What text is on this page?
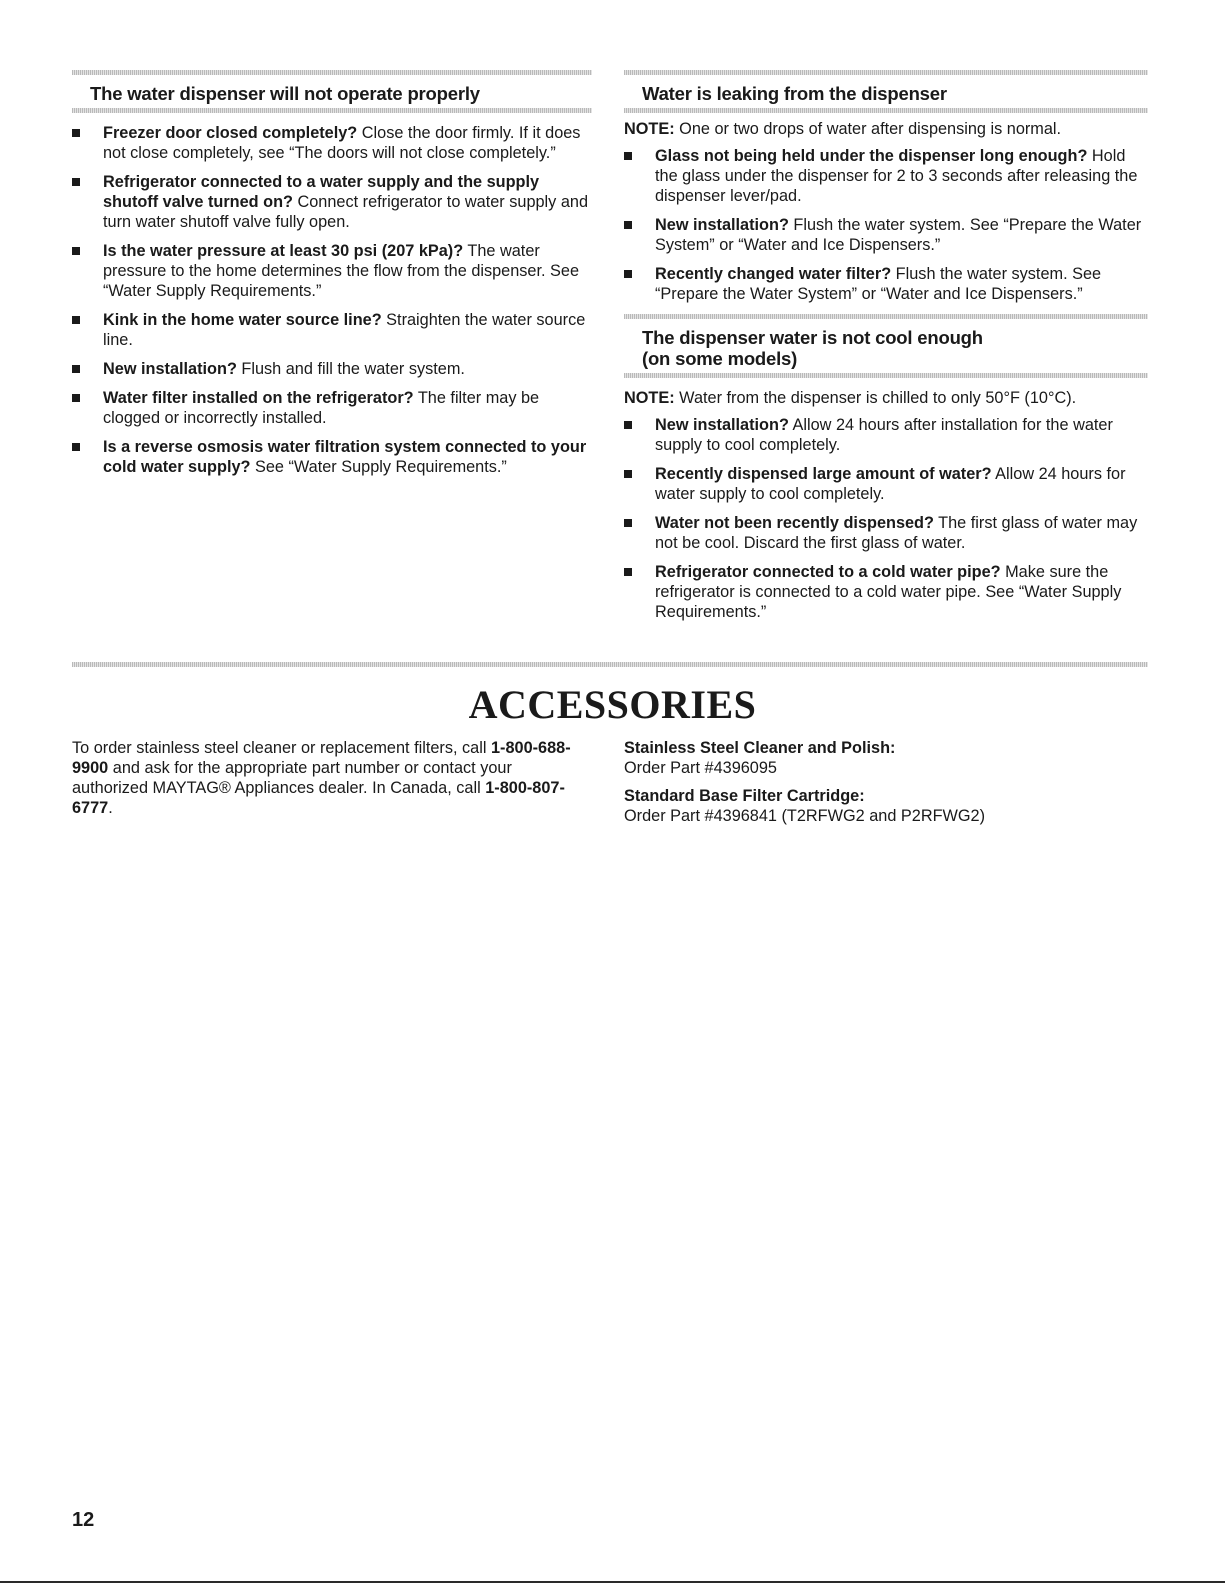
The water dispenser will not operate properly
Freezer door closed completely? Close the door firmly. If it does not close completely, see “The doors will not close completely.”
Refrigerator connected to a water supply and the supply shutoff valve turned on? Connect refrigerator to water supply and turn water shutoff valve fully open.
Is the water pressure at least 30 psi (207 kPa)? The water pressure to the home determines the flow from the dispenser. See “Water Supply Requirements.”
Kink in the home water source line? Straighten the water source line.
New installation? Flush and fill the water system.
Water filter installed on the refrigerator? The filter may be clogged or incorrectly installed.
Is a reverse osmosis water filtration system connected to your cold water supply? See “Water Supply Requirements.”
Water is leaking from the dispenser
NOTE: One or two drops of water after dispensing is normal.
Glass not being held under the dispenser long enough? Hold the glass under the dispenser for 2 to 3 seconds after releasing the dispenser lever/pad.
New installation? Flush the water system. See “Prepare the Water System” or “Water and Ice Dispensers.”
Recently changed water filter? Flush the water system. See “Prepare the Water System” or “Water and Ice Dispensers.”
The dispenser water is not cool enough
(on some models)
NOTE: Water from the dispenser is chilled to only 50°F (10°C).
New installation? Allow 24 hours after installation for the water supply to cool completely.
Recently dispensed large amount of water? Allow 24 hours for water supply to cool completely.
Water not been recently dispensed? The first glass of water may not be cool. Discard the first glass of water.
Refrigerator connected to a cold water pipe? Make sure the refrigerator is connected to a cold water pipe. See “Water Supply Requirements.”
ACCESSORIES
To order stainless steel cleaner or replacement filters, call 1-800-688-9900 and ask for the appropriate part number or contact your authorized MAYTAG® Appliances dealer. In Canada, call 1-800-807-6777.
Stainless Steel Cleaner and Polish:
Order Part #4396095
Standard Base Filter Cartridge:
Order Part #4396841 (T2RFWG2 and P2RFWG2)
12
